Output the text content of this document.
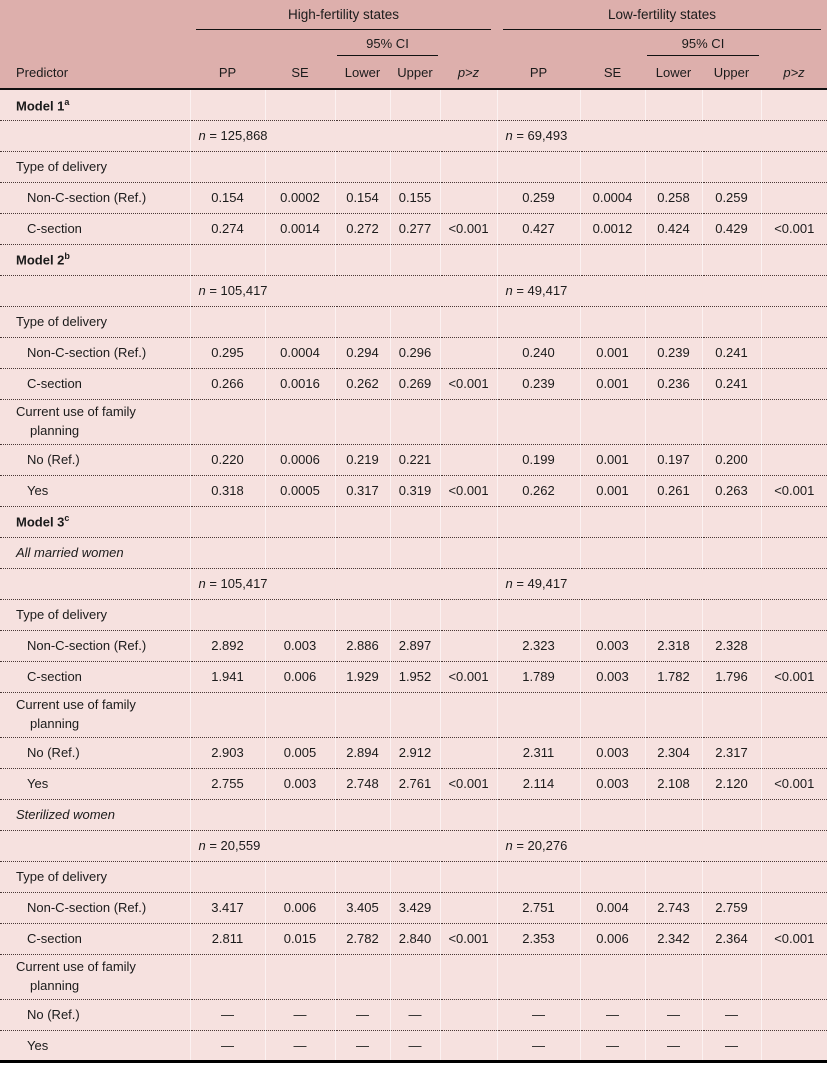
	High-fertility states					Low-fertility states				

			95% CI					95% CI		

Predictor	PP	SE	Lower	Upper	p>z	PP	SE	Lower	Upper	p>z
Model 1$^a$										
	n = 125,868					n = 69,493				
Type of delivery										
Non-C-section (Ref.)	0.154	0.0002	0.154	0.155		0.259	0.0004	0.258	0.259	
C-section	0.274	0.0014	0.272	0.277	<0.001	0.427	0.0012	0.424	0.429	<0.001
Model 2$^b$										
	n = 105,417					n = 49,417				
Type of delivery										
Non-C-section (Ref.)	0.295	0.0004	0.294	0.296		0.240	0.001	0.239	0.241	
C-section	0.266	0.0016	0.262	0.269	<0.001	0.239	0.001	0.236	0.241	
Current use of family
planning										
No (Ref.)	0.220	0.0006	0.219	0.221		0.199	0.001	0.197	0.200	
Yes	0.318	0.0005	0.317	0.319	<0.001	0.262	0.001	0.261	0.263	<0.001
Model 3$^c$										
All married women										
	n = 105,417					n = 49,417				
Type of delivery										
Non-C-section (Ref.)	2.892	0.003	2.886	2.897		2.323	0.003	2.318	2.328	
C-section	1.941	0.006	1.929	1.952	<0.001	1.789	0.003	1.782	1.796	<0.001
Current use of family
planning										
No (Ref.)	2.903	0.005	2.894	2.912		2.311	0.003	2.304	2.317	
Yes	2.755	0.003	2.748	2.761	<0.001	2.114	0.003	2.108	2.120	<0.001
Sterilized women										
	n = 20,559					n = 20,276				
Type of delivery										
Non-C-section (Ref.)	3.417	0.006	3.405	3.429		2.751	0.004	2.743	2.759	
C-section	2.811	0.015	2.782	2.840	<0.001	2.353	0.006	2.342	2.364	<0.001
Current use of family
planning										
No (Ref.)	—	—	—	—		—	—	—	—	
Yes	—	—	—	—		—	—	—	—	
